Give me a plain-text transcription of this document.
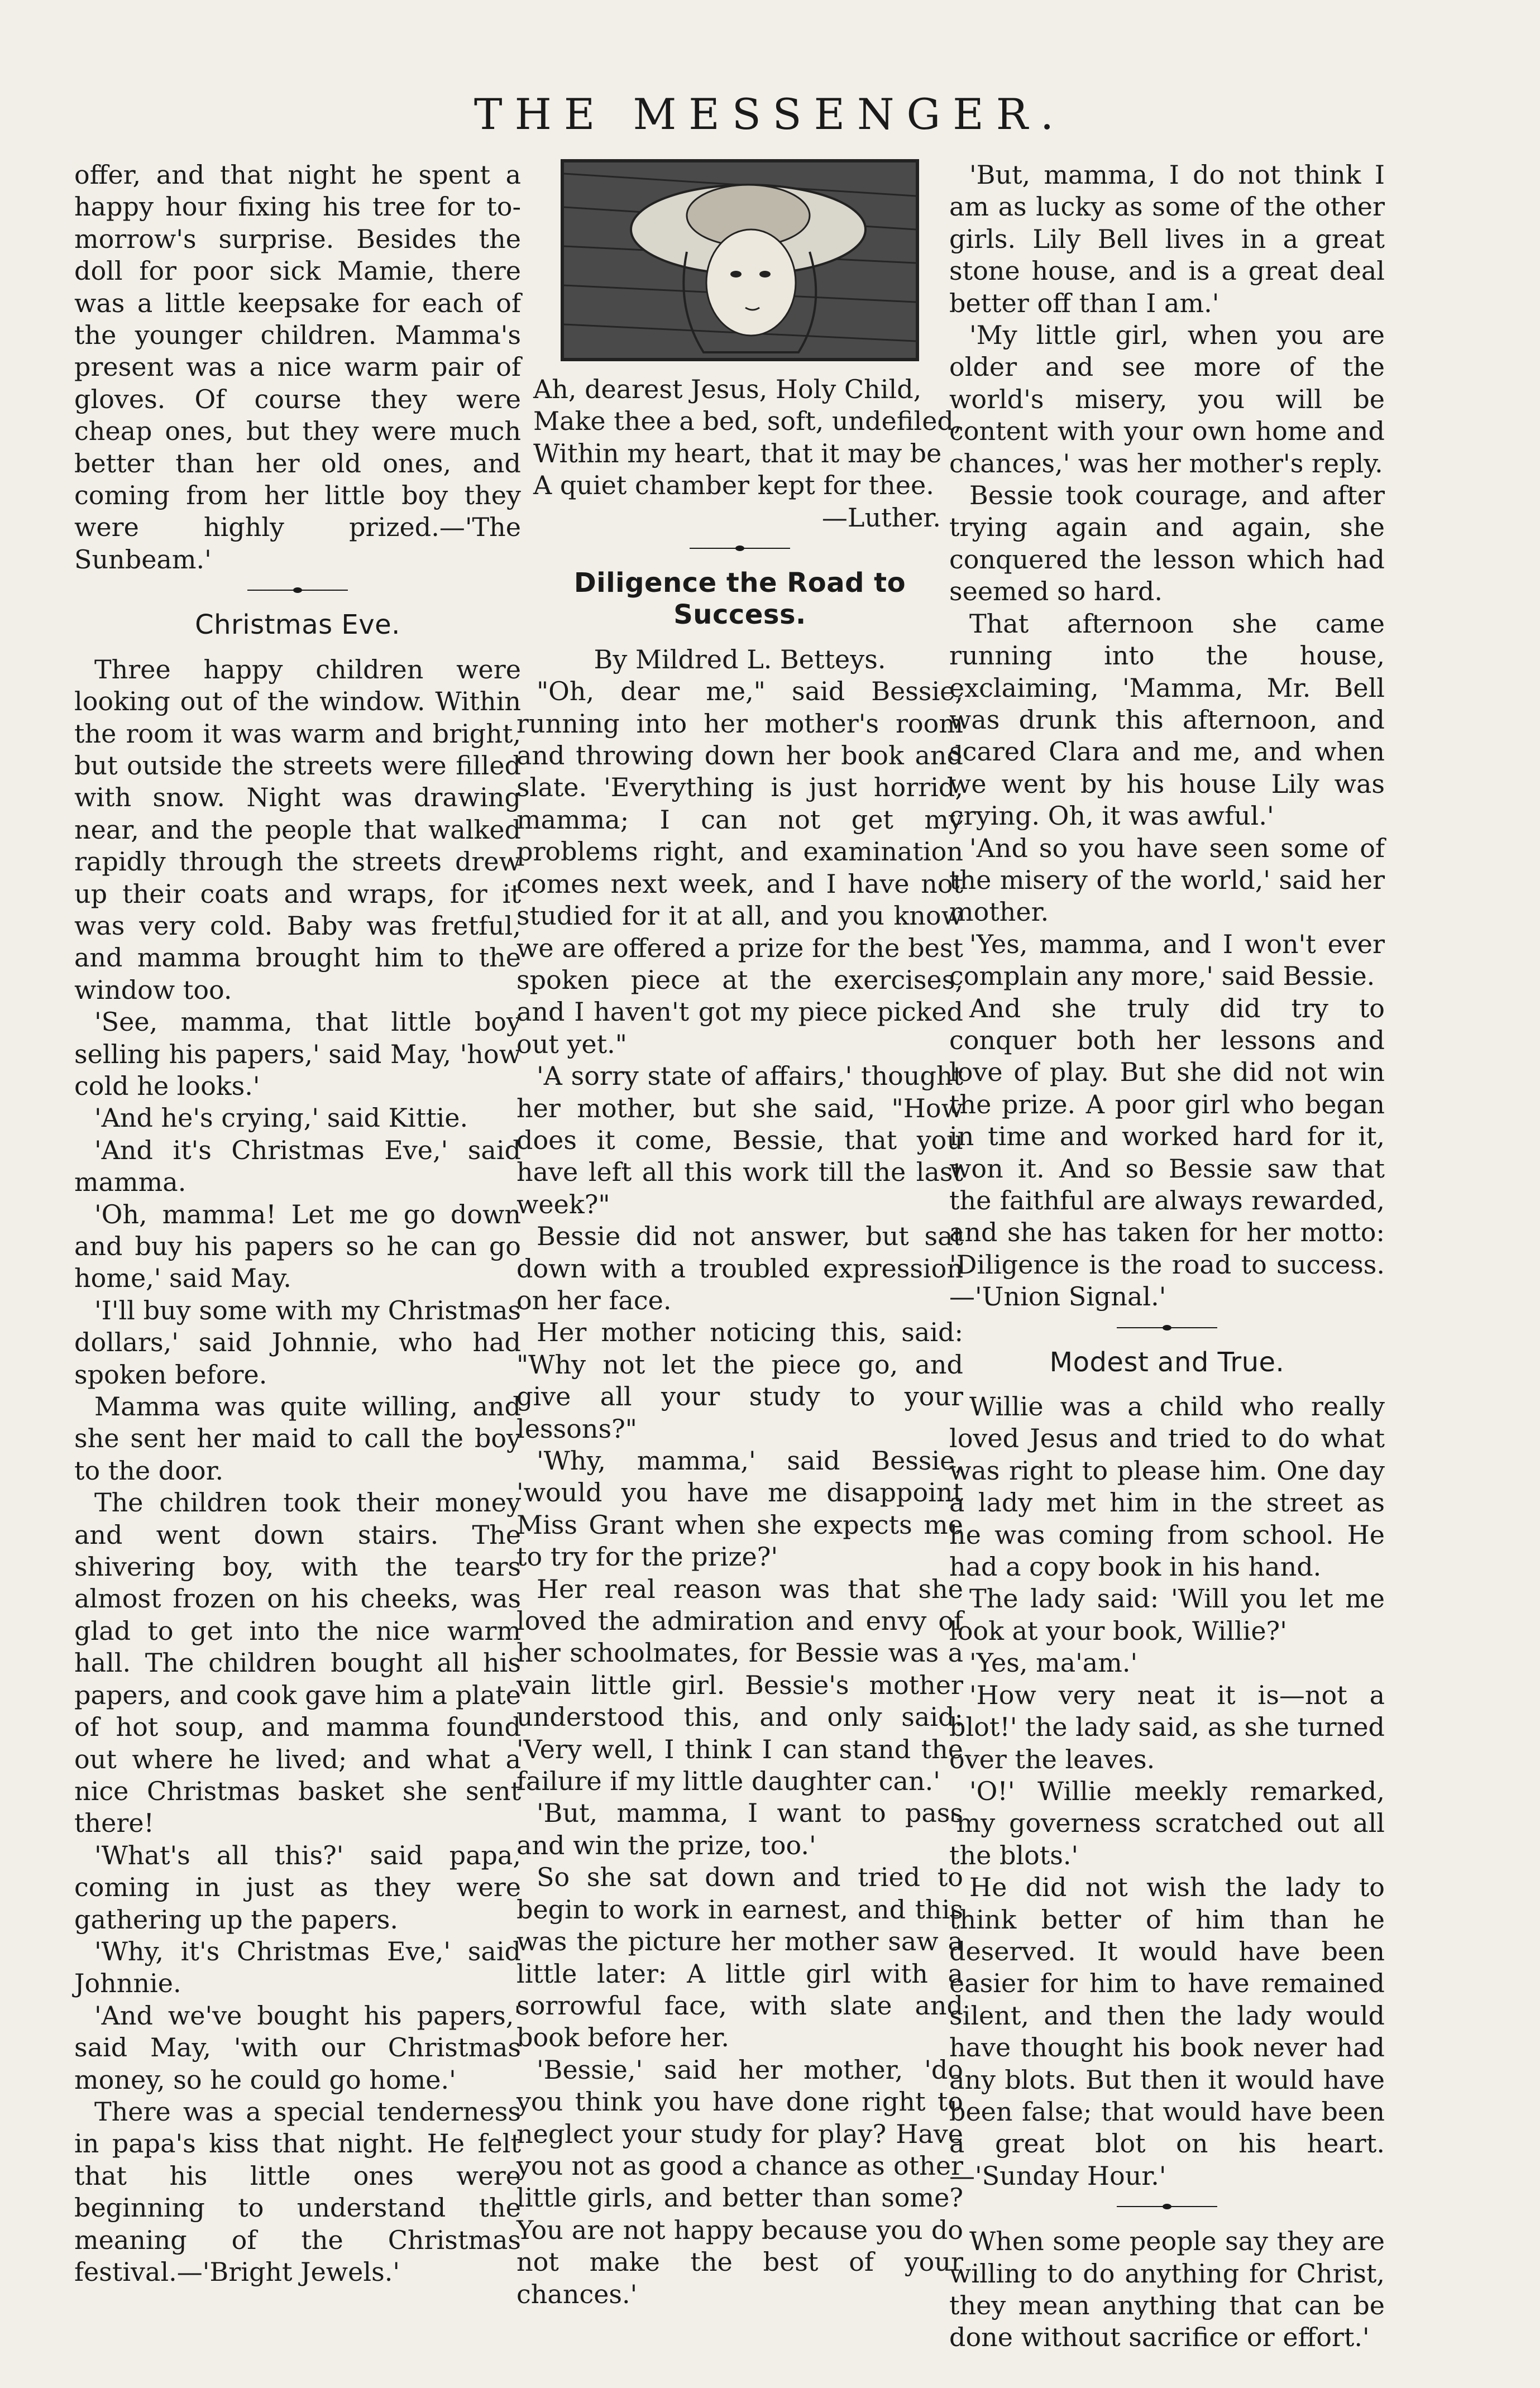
THE MESSENGER.

offer, and that night he spent a happy hour fixing his tree for to-morrow's surprise. Besides the doll for poor sick Mamie, there was a little keepsake for each of the younger children. Mamma's present was a nice warm pair of gloves. Of course they were cheap ones, but they were much better than her old ones, and coming from her little boy they were highly prized.—'The Sunbeam.'

Christmas Eve.

Three happy children were looking out of the window. Within the room it was warm and bright, but outside the streets were filled with snow. Night was drawing near, and the people that walked rapidly through the streets drew up their coats and wraps, for it was very cold. Baby was fretful, and mamma brought him to the window too.

'See, mamma, that little boy selling his papers,' said May, 'how cold he looks.'

'And he's crying,' said Kittie.

'And it's Christmas Eve,' said mamma.

'Oh, mamma! Let me go down and buy his papers so he can go home,' said May.

'I'll buy some with my Christmas dollars,' said Johnnie, who had spoken before.

Mamma was quite willing, and she sent her maid to call the boy to the door.

The children took their money and went down stairs. The shivering boy, with the tears almost frozen on his cheeks, was glad to get into the nice warm hall. The children bought all his papers, and cook gave him a plate of hot soup, and mamma found out where he lived; and what a nice Christmas basket she sent there!

'What's all this?' said papa, coming in just as they were gathering up the papers.

'Why, it's Christmas Eve,' said Johnnie.

'And we've bought his papers,' said May, 'with our Christmas money, so he could go home.'

There was a special tenderness in papa's kiss that night. He felt that his little ones were beginning to understand the meaning of the Christmas festival.—'Bright Jewels.'

Ah, dearest Jesus, Holy Child,
Make thee a bed, soft, undefiled,
Within my heart, that it may be
A quiet chamber kept for thee.
—Luther.
Diligence the Road to Success.
By Mildred L. Betteys.

"Oh, dear me," said Bessie, running into her mother's room and throwing down her book and slate. 'Everything is just horrid, mamma; I can not get my problems right, and examination comes next week, and I have not studied for it at all, and you know we are offered a prize for the best spoken piece at the exercises, and I haven't got my piece picked out yet."

'A sorry state of affairs,' thought her mother, but she said, "How does it come, Bessie, that you have left all this work till the last week?"

Bessie did not answer, but sat down with a troubled expression on her face.

Her mother noticing this, said: "Why not let the piece go, and give all your study to your lessons?"

'Why, mamma,' said Bessie, 'would you have me disappoint Miss Grant when she expects me to try for the prize?'

Her real reason was that she loved the admiration and envy of her schoolmates, for Bessie was a vain little girl. Bessie's mother understood this, and only said: 'Very well, I think I can stand the failure if my little daughter can.'

'But, mamma, I want to pass and win the prize, too.'

So she sat down and tried to begin to work in earnest, and this was the picture her mother saw a little later: A little girl with a sorrowful face, with slate and book before her.

'Bessie,' said her mother, 'do you think you have done right to neglect your study for play? Have you not as good a chance as other little girls, and better than some? You are not happy because you do not make the best of your chances.'

'But, mamma, I do not think I am as lucky as some of the other girls. Lily Bell lives in a great stone house, and is a great deal better off than I am.'

'My little girl, when you are older and see more of the world's misery, you will be content with your own home and chances,' was her mother's reply.

Bessie took courage, and after trying again and again, she conquered the lesson which had seemed so hard.

That afternoon she came running into the house, exclaiming, 'Mamma, Mr. Bell was drunk this afternoon, and scared Clara and me, and when we went by his house Lily was crying. Oh, it was awful.'

'And so you have seen some of the misery of the world,' said her mother.

'Yes, mamma, and I won't ever complain any more,' said Bessie.

And she truly did try to conquer both her lessons and love of play. But she did not win the prize. A poor girl who began in time and worked hard for it, won it. And so Bessie saw that the faithful are always rewarded, and she has taken for her motto: 'Diligence is the road to success.—'Union Signal.'

Modest and True.

Willie was a child who really loved Jesus and tried to do what was right to please him. One day a lady met him in the street as he was coming from school. He had a copy book in his hand.

The lady said: 'Will you let me look at your book, Willie?'

'Yes, ma'am.'

'How very neat it is—not a blot!' the lady said, as she turned over the leaves.

'O!' Willie meekly remarked, 'my governess scratched out all the blots.'

He did not wish the lady to think better of him than he deserved. It would have been easier for him to have remained silent, and then the lady would have thought his book never had any blots. But then it would have been false; that would have been a great blot on his heart.—'Sunday Hour.'

When some people say they are willing to do anything for Christ, they mean anything that can be done without sacrifice or effort.'
